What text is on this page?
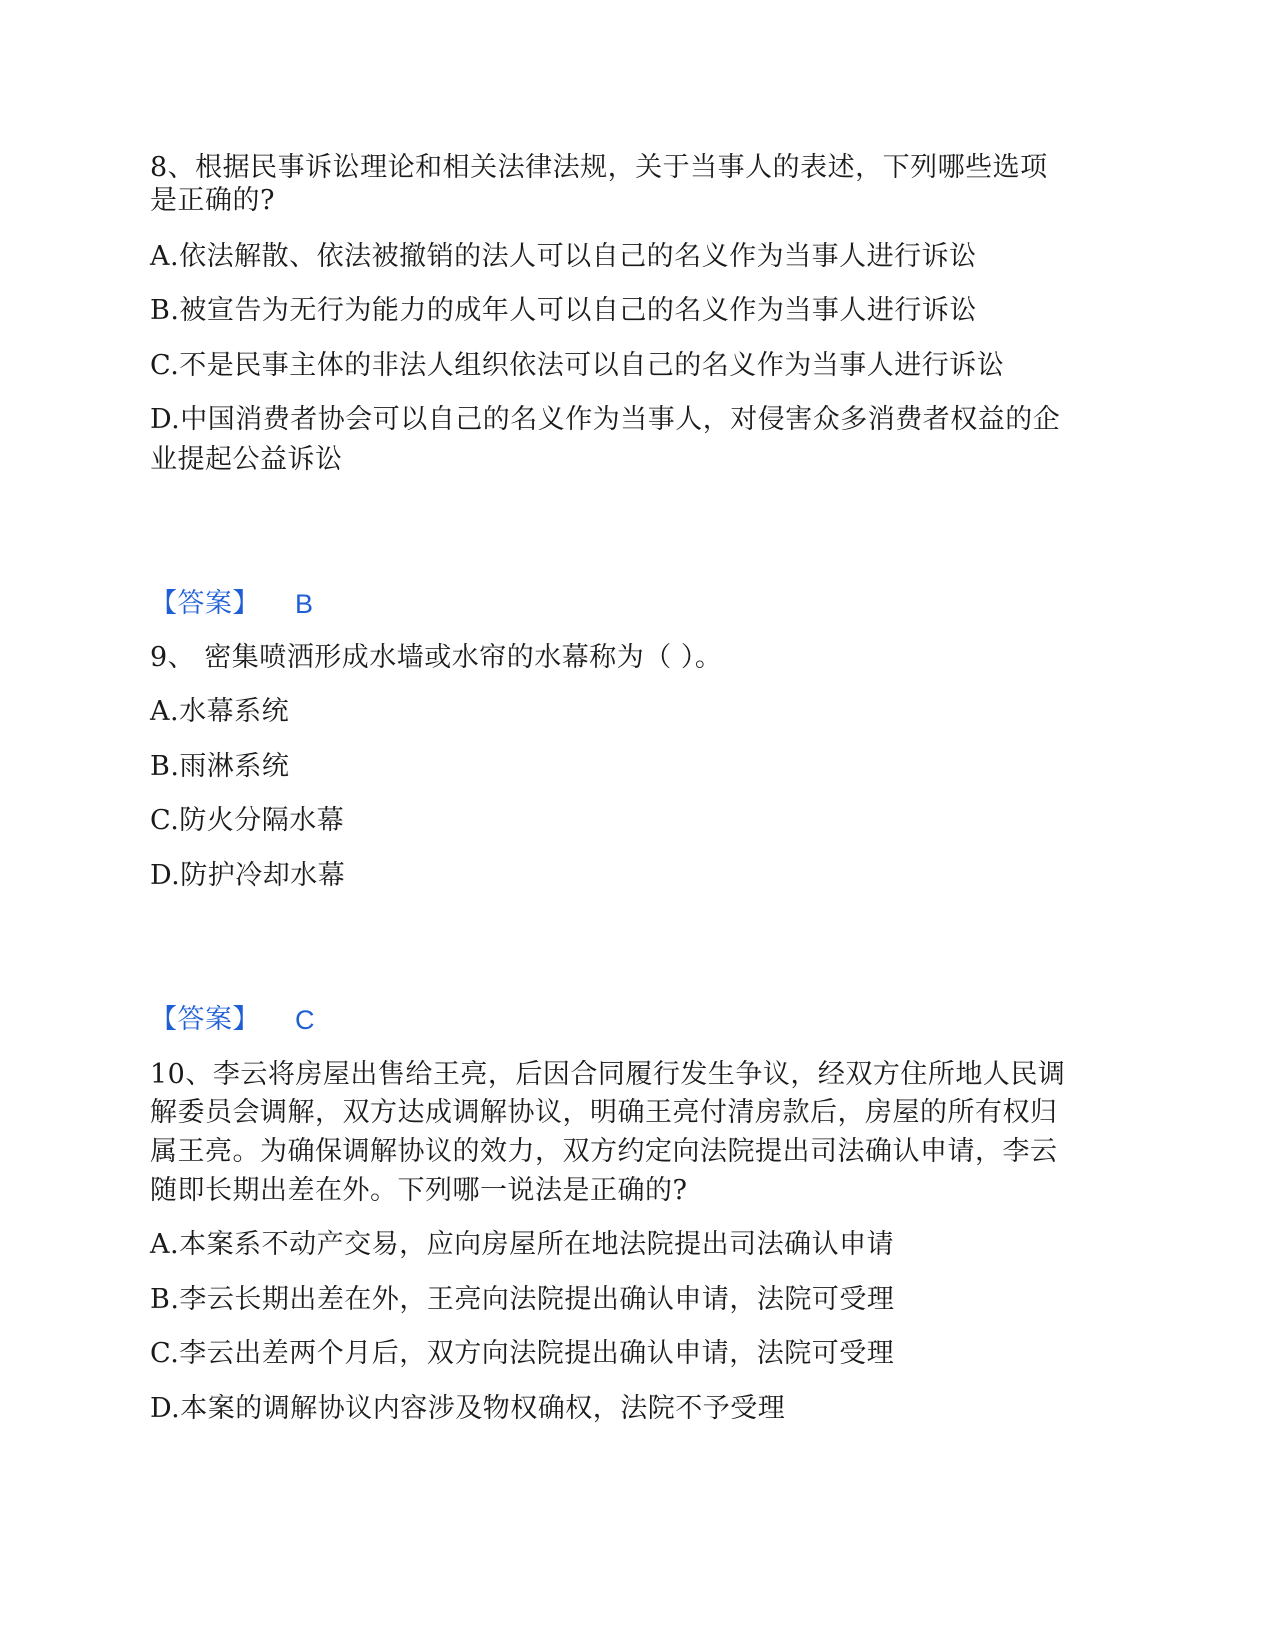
8、根据民事诉讼理论和相关法律法规，关于当事人的表述，下列哪些选项
是正确的?
A.依法解散、依法被撤销的法人可以自己的名义作为当事人进行诉讼
B.被宣告为无行为能力的成年人可以自己的名义作为当事人进行诉讼
C.不是民事主体的非法人组织依法可以自己的名义作为当事人进行诉讼
D.中国消费者协会可以自己的名义作为当事人，对侵害众多消费者权益的企
业提起公益诉讼
【答案】 B
9、 密集喷洒形成水墙或水帘的水幕称为（ ）。
A.水幕系统
B.雨淋系统
C.防火分隔水幕
D.防护冷却水幕
【答案】 C
10、李云将房屋出售给王亮，后因合同履行发生争议，经双方住所地人民调
解委员会调解，双方达成调解协议，明确王亮付清房款后，房屋的所有权归
属王亮。为确保调解协议的效力，双方约定向法院提出司法确认申请，李云
随即长期出差在外。下列哪一说法是正确的?
A.本案系不动产交易，应向房屋所在地法院提出司法确认申请
B.李云长期出差在外，王亮向法院提出确认申请，法院可受理
C.李云出差两个月后，双方向法院提出确认申请，法院可受理
D.本案的调解协议内容涉及物权确权，法院不予受理
